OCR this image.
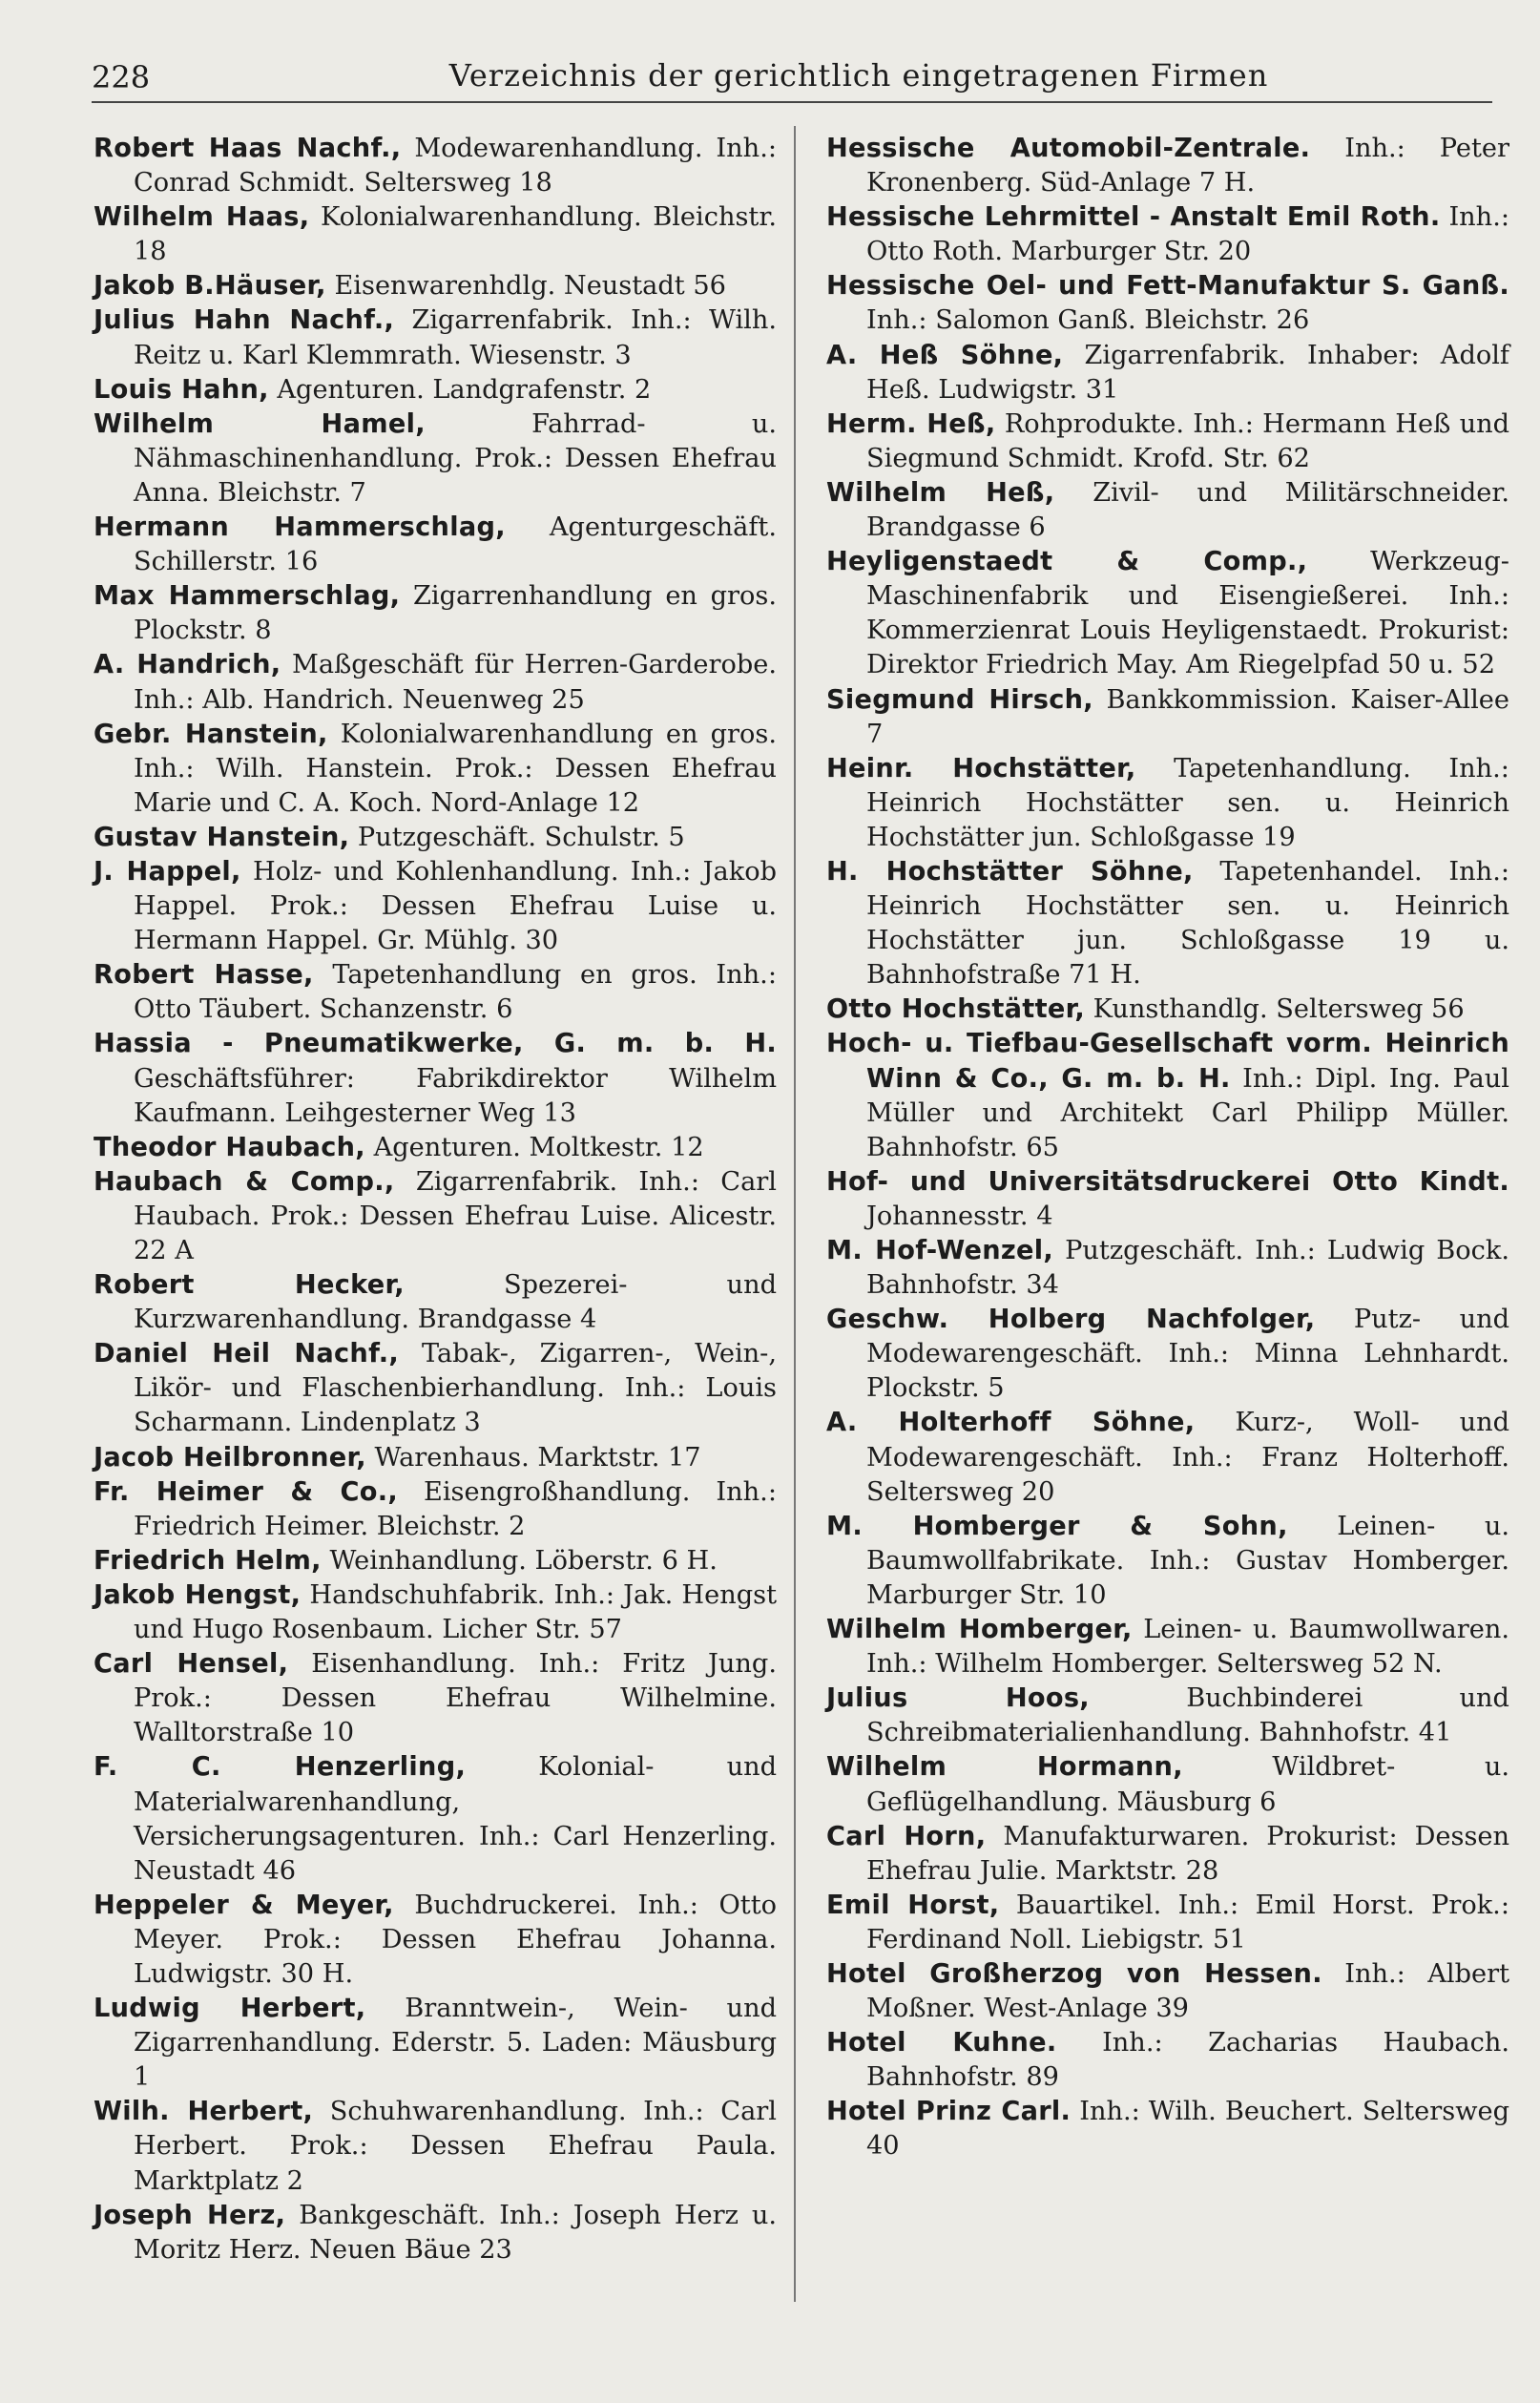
228	Verzeichnis der gerichtlich eingetragenen Firmen

Robert Haas Nachf., Modewarenhandlung. Inh.: Conrad Schmidt. Seltersweg 18

Wilhelm Haas, Kolonialwarenhandlung. Bleichstr. 18

Jakob B.Häuser, Eisenwarenhdlg. Neustadt 56

Julius Hahn Nachf., Zigarrenfabrik. Inh.: Wilh. Reitz u. Karl Klemmrath. Wiesenstr. 3

Louis Hahn, Agenturen. Landgrafenstr. 2

Wilhelm Hamel,	Fahrrad- u. Nähmaschinenhandlung. Prok.: Dessen Ehefrau Anna. Bleichstr. 7

Hermann Hammerschlag, Agenturgeschäft. Schillerstr. 16

Max Hammerschlag, Zigarrenhandlung en gros. Plockstr. 8

A. Handrich, Maßgeschäft für Herren-Garderobe. Inh.: Alb. Handrich. Neuenweg 25

Gebr. Hanstein, Kolonialwarenhandlung en gros. Inh.: Wilh. Hanstein. Prok.: Dessen Ehefrau Marie und C. A. Koch. Nord-Anlage 12

Gustav Hanstein, Putzgeschäft. Schulstr. 5

J. Happel, Holz- und Kohlenhandlung. Inh.: Jakob Happel. Prok.: Dessen Ehefrau Luise u. Hermann Happel. Gr. Mühlg. 30

Robert Hasse, Tapetenhandlung en gros. Inh.: Otto Täubert. Schanzenstr. 6

Hassia - Pneumatikwerke, G. m. b. H. Geschäftsführer: Fabrikdirektor Wilhelm Kaufmann. Leihgesterner Weg 13

Theodor Haubach, Agenturen. Moltkestr. 12

Haubach & Comp., Zigarrenfabrik. Inh.: Carl Haubach. Prok.: Dessen Ehefrau Luise. Alicestr. 22 A

Robert Hecker,	Spezerei- und Kurzwarenhandlung. Brandgasse 4

Daniel Heil Nachf., Tabak-, Zigarren-, Wein-, Likör- und Flaschenbierhandlung. Inh.: Louis Scharmann. Lindenplatz 3

Jacob Heilbronner, Warenhaus. Marktstr. 17

Fr. Heimer & Co., Eisengroßhandlung. Inh.: Friedrich Heimer. Bleichstr. 2

Friedrich Helm, Weinhandlung. Löberstr. 6 H.

Jakob Hengst, Handschuhfabrik. Inh.: Jak. Hengst und Hugo Rosenbaum. Licher Str. 57

Carl Hensel, Eisenhandlung. Inh.: Fritz Jung. Prok.: Dessen Ehefrau Wilhelmine. Walltorstraße 10

F. C. Henzerling,	Kolonial- und Materialwarenhandlung, Versicherungsagenturen. Inh.: Carl Henzerling. Neustadt 46

Heppeler & Meyer, Buchdruckerei. Inh.: Otto Meyer. Prok.: Dessen Ehefrau Johanna. Ludwigstr. 30 H.

Ludwig Herbert, Branntwein-, Wein- und Zigarrenhandlung. Ederstr. 5. Laden: Mäusburg 1

Wilh. Herbert, Schuhwarenhandlung. Inh.: Carl Herbert. Prok.: Dessen Ehefrau Paula. Marktplatz 2

Joseph Herz, Bankgeschäft. Inh.: Joseph Herz u. Moritz Herz. Neuen Bäue 23

Hessische Automobil-Zentrale. Inh.: Peter Kronenberg. Süd-Anlage 7 H.

Hessische Lehrmittel - Anstalt Emil Roth. Inh.: Otto Roth. Marburger Str. 20

Hessische Oel- und Fett-Manufaktur S. Ganß. Inh.: Salomon Ganß. Bleichstr. 26

A. Heß Söhne, Zigarrenfabrik. Inhaber: Adolf Heß. Ludwigstr. 31

Herm. Heß, Rohprodukte. Inh.: Hermann Heß und Siegmund Schmidt. Krofd. Str. 62

Wilhelm Heß, Zivil- und Militärschneider. Brandgasse 6

Heyligenstaedt & Comp., Werkzeug-Maschinenfabrik und Eisengießerei. Inh.: Kommerzienrat Louis Heyligenstaedt. Prokurist: Direktor Friedrich May. Am Riegelpfad 50 u. 52

Siegmund Hirsch, Bankkommission. Kaiser-Allee 7

Heinr. Hochstätter, Tapetenhandlung. Inh.: Heinrich Hochstätter sen. u. Heinrich Hochstätter jun. Schloßgasse 19

H. Hochstätter Söhne, Tapetenhandel. Inh.: Heinrich Hochstätter sen. u. Heinrich Hochstätter jun. Schloßgasse 19 u. Bahnhofstraße 71 H.

Otto Hochstätter, Kunsthandlg. Seltersweg 56

Hoch- u. Tiefbau-Gesellschaft vorm. Heinrich Winn & Co., G. m. b. H. Inh.: Dipl. Ing. Paul Müller und Architekt Carl Philipp Müller. Bahnhofstr. 65

Hof- und Universitätsdruckerei Otto Kindt. Johannesstr. 4

M. Hof-Wenzel, Putzgeschäft. Inh.: Ludwig Bock. Bahnhofstr. 34

Geschw. Holberg Nachfolger, Putz- und Modewarengeschäft. Inh.: Minna Lehnhardt. Plockstr. 5

A. Holterhoff Söhne, Kurz-, Woll- und Modewarengeschäft. Inh.: Franz Holterhoff. Seltersweg 20

M. Homberger & Sohn, Leinen- u. Baumwollfabrikate. Inh.: Gustav Homberger. Marburger Str. 10

Wilhelm Homberger, Leinen- u. Baumwollwaren. Inh.: Wilhelm Homberger. Seltersweg 52 N.

Julius Hoos,	Buchbinderei und Schreibmaterialienhandlung. Bahnhofstr. 41

Wilhelm Hormann,	Wildbret- u. Geflügelhandlung. Mäusburg 6

Carl Horn, Manufakturwaren. Prokurist: Dessen Ehefrau Julie. Marktstr. 28

Emil Horst, Bauartikel. Inh.: Emil Horst. Prok.: Ferdinand Noll. Liebigstr. 51

Hotel Großherzog von Hessen. Inh.: Albert Moßner. West-Anlage 39

Hotel Kuhne. Inh.: Zacharias Haubach. Bahnhofstr. 89

Hotel Prinz Carl. Inh.: Wilh. Beuchert. Seltersweg 40
